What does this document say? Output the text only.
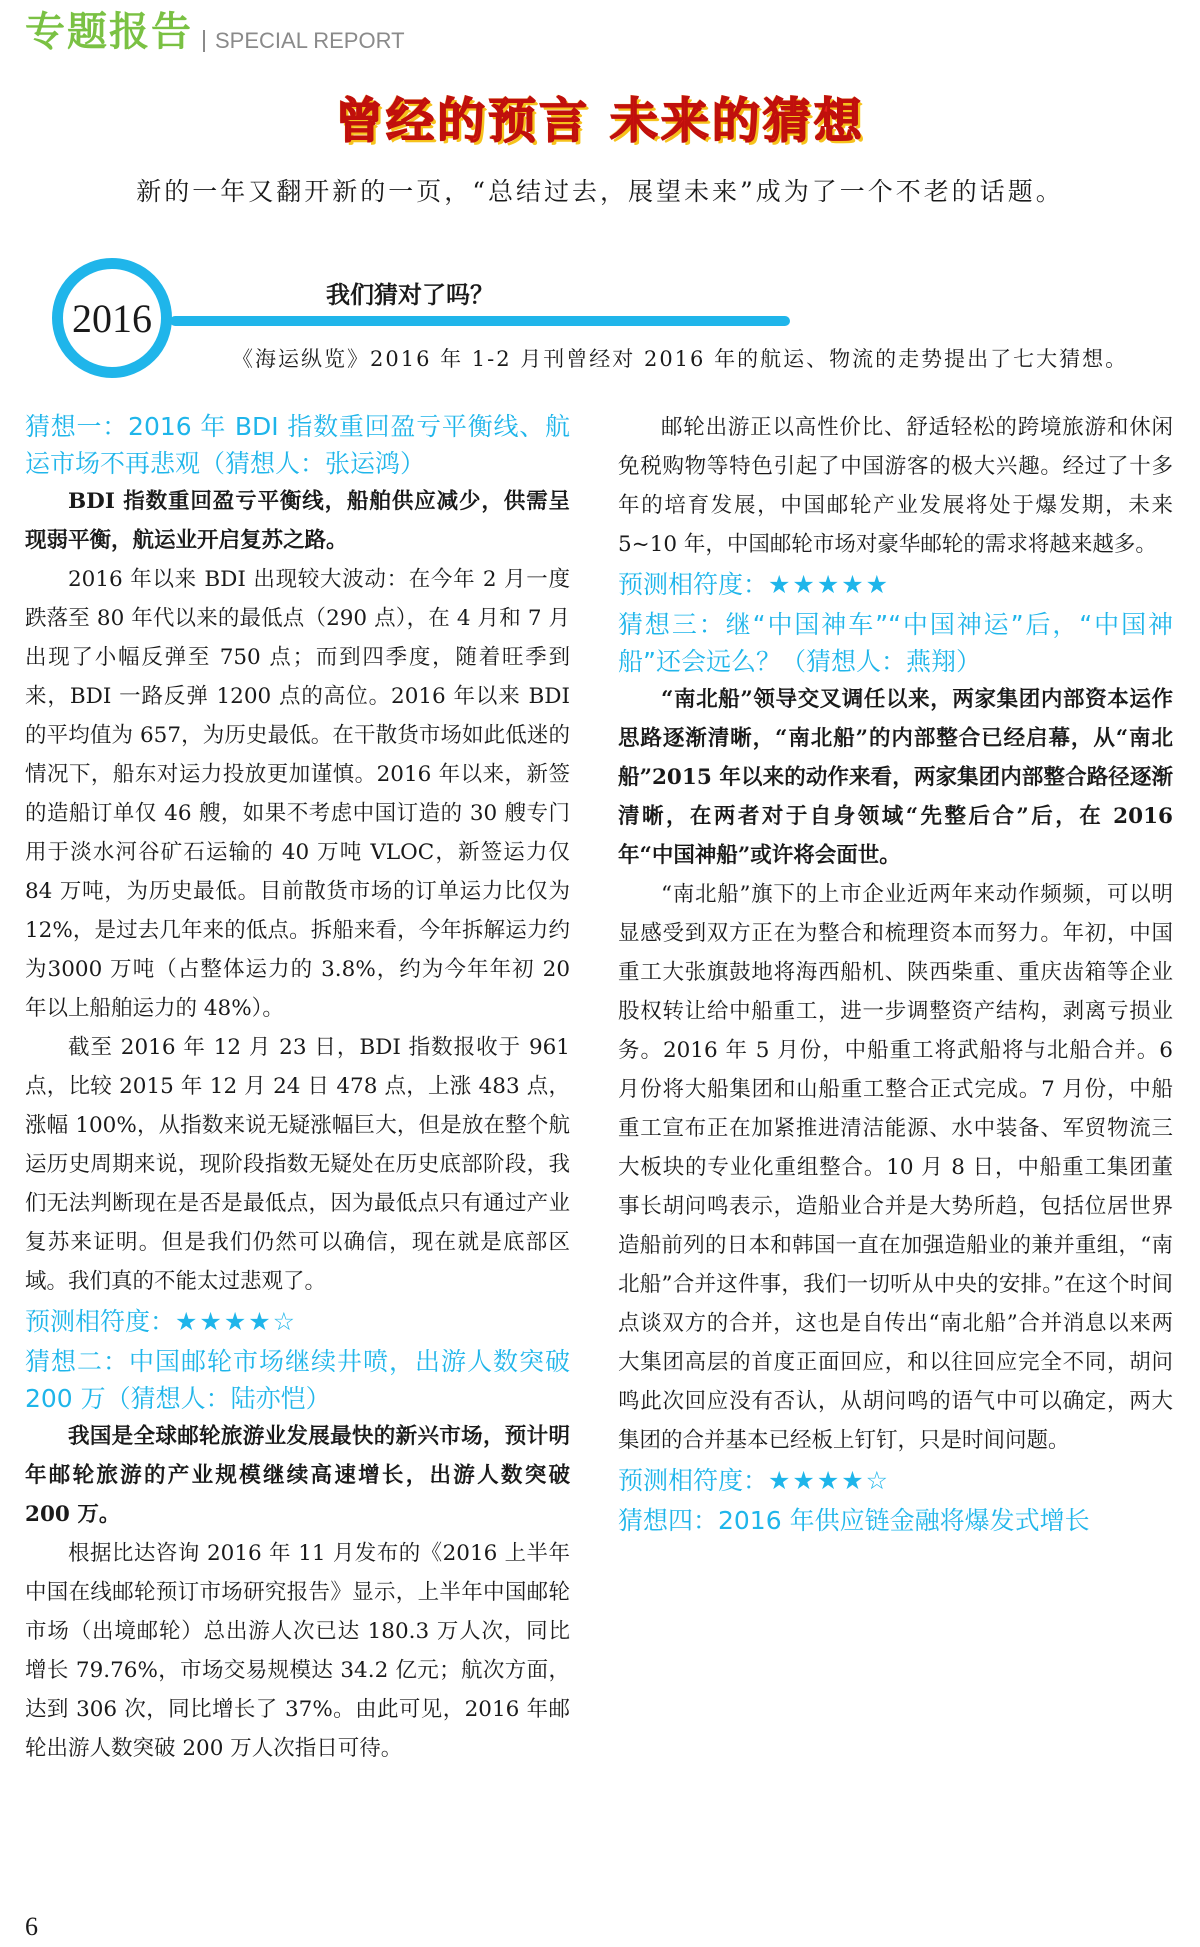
专题报告	SPECIAL REPORT
曾经的预言 未来的猜想
新的一年又翻开新的一页，“总结过去，展望未来”成为了一个不老的话题。
2016
我们猜对了吗？
《海运纵览》2016 年 1-2 月刊曾经对 2016 年的航运、物流的走势提出了七大猜想。

猜想一：2016 年 BDI 指数重回盈亏平衡线、航运市场不再悲观（猜想人：张运鸿）

BDI 指数重回盈亏平衡线，船舶供应减少，供需呈现弱平衡，航运业开启复苏之路。

2016 年以来 BDI 出现较大波动：在今年 2 月一度跌落至 80 年代以来的最低点（290 点），在 4 月和 7 月出现了小幅反弹至 750 点；而到四季度，随着旺季到来，BDI 一路反弹 1200 点的高位。2016 年以来 BDI 的平均值为 657，为历史最低。在干散货市场如此低迷的情况下，船东对运力投放更加谨慎。2016 年以来，新签的造船订单仅 46 艘，如果不考虑中国订造的 30 艘专门用于淡水河谷矿石运输的 40 万吨 VLOC，新签运力仅 84 万吨，为历史最低。目前散货市场的订单运力比仅为 12%，是过去几年来的低点。拆船来看，今年拆解运力约为3000 万吨（占整体运力的 3.8%，约为今年年初 20 年以上船舶运力的 48%）。

截至 2016 年 12 月 23 日，BDI 指数报收于 961 点，比较 2015 年 12 月 24 日 478 点，上涨 483 点，涨幅 100%，从指数来说无疑涨幅巨大，但是放在整个航运历史周期来说，现阶段指数无疑处在历史底部阶段，我们无法判断现在是否是最低点，因为最低点只有通过产业复苏来证明。但是我们仍然可以确信，现在就是底部区域。我们真的不能太过悲观了。

预测相符度：★★★★☆

猜想二：中国邮轮市场继续井喷，出游人数突破 200 万（猜想人：陆亦恺）

我国是全球邮轮旅游业发展最快的新兴市场，预计明年邮轮旅游的产业规模继续高速增长，出游人数突破 200 万。

根据比达咨询 2016 年 11 月发布的《2016 上半年中国在线邮轮预订市场研究报告》显示，上半年中国邮轮市场（出境邮轮）总出游人次已达 180.3 万人次，同比增长 79.76%，市场交易规模达 34.2 亿元；航次方面，达到 306 次，同比增长了 37%。由此可见，2016 年邮轮出游人数突破 200 万人次指日可待。

邮轮出游正以高性价比、舒适轻松的跨境旅游和休闲免税购物等特色引起了中国游客的极大兴趣。经过了十多年的培育发展，中国邮轮产业发展将处于爆发期，未来 5~10 年，中国邮轮市场对豪华邮轮的需求将越来越多。

预测相符度：★★★★★

猜想三：继“中国神车”“中国神运”后，“中国神船”还会远么？（猜想人：燕翔）

“南北船”领导交叉调任以来，两家集团内部资本运作思路逐渐清晰，“南北船”的内部整合已经启幕，从“南北船”2015 年以来的动作来看，两家集团内部整合路径逐渐清晰，在两者对于自身领域“先整后合”后，在 2016 年“中国神船”或许将会面世。

“南北船”旗下的上市企业近两年来动作频频，可以明显感受到双方正在为整合和梳理资本而努力。年初，中国重工大张旗鼓地将海西船机、陕西柴重、重庆齿箱等企业股权转让给中船重工，进一步调整资产结构，剥离亏损业务。2016 年 5 月份，中船重工将武船将与北船合并。6 月份将大船集团和山船重工整合正式完成。7 月份，中船重工宣布正在加紧推进清洁能源、水中装备、军贸物流三大板块的专业化重组整合。10 月 8 日，中船重工集团董事长胡问鸣表示，造船业合并是大势所趋，包括位居世界造船前列的日本和韩国一直在加强造船业的兼并重组，“南北船”合并这件事，我们一切听从中央的安排。”在这个时间点谈双方的合并，这也是自传出“南北船”合并消息以来两大集团高层的首度正面回应，和以往回应完全不同，胡问鸣此次回应没有否认，从胡问鸣的语气中可以确定，两大集团的合并基本已经板上钉钉，只是时间问题。

预测相符度：★★★★☆

猜想四：2016 年供应链金融将爆发式增长

6
